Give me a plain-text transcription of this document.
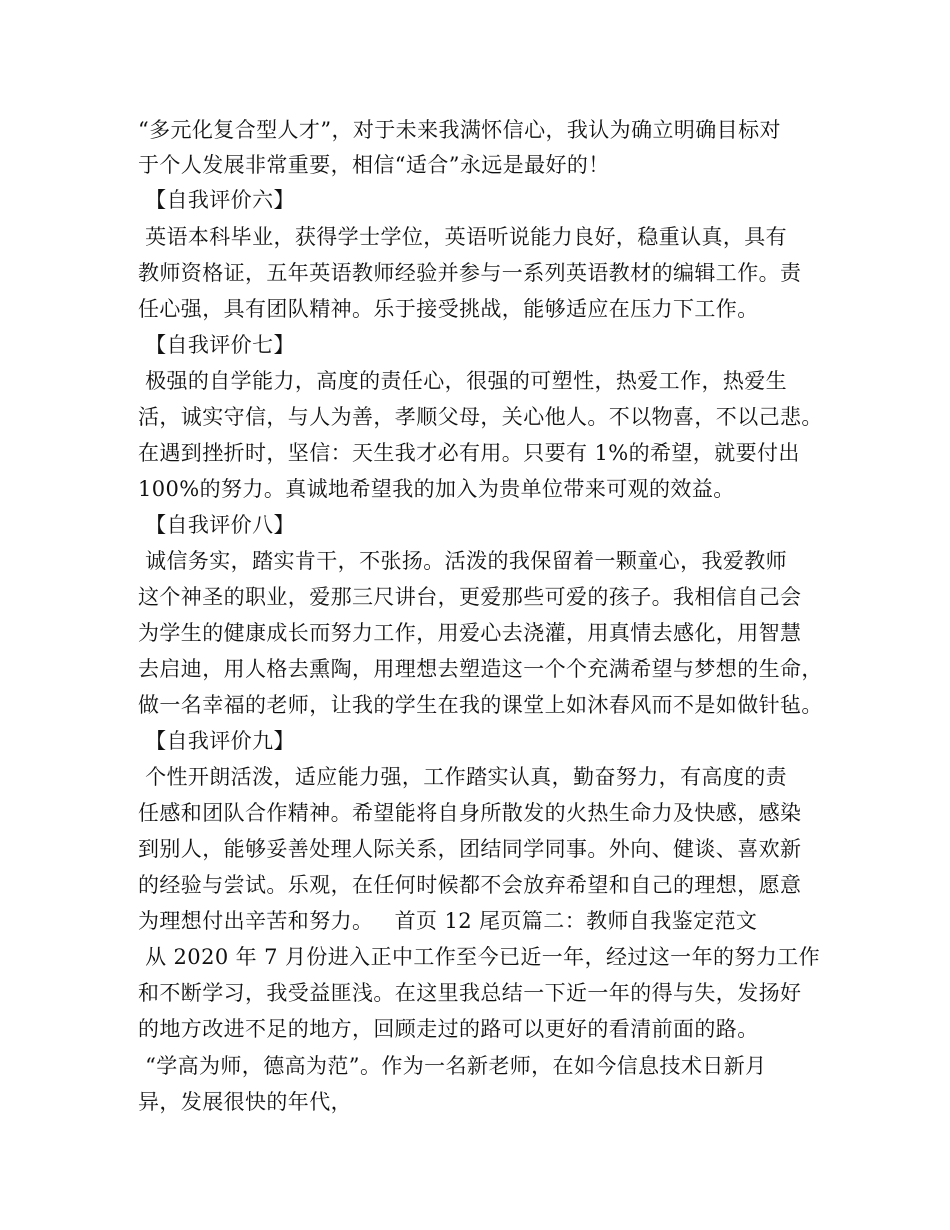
“多元化复合型人才”，对于未来我满怀信心，我认为确立明确目标对
于个人发展非常重要，相信“适合”永远是最好的！
【自我评价六】
英语本科毕业，获得学士学位，英语听说能力良好，稳重认真，具有
教师资格证，五年英语教师经验并参与一系列英语教材的编辑工作。责
任心强，具有团队精神。乐于接受挑战，能够适应在压力下工作。
【自我评价七】
极强的自学能力，高度的责任心，很强的可塑性，热爱工作，热爱生
活，诚实守信，与人为善，孝顺父母，关心他人。不以物喜，不以己悲。
在遇到挫折时，坚信：天生我才必有用。只要有 1%的希望，就要付出
100%的努力。真诚地希望我的加入为贵单位带来可观的效益。
【自我评价八】
诚信务实，踏实肯干，不张扬。活泼的我保留着一颗童心，我爱教师
这个神圣的职业，爱那三尺讲台，更爱那些可爱的孩子。我相信自己会
为学生的健康成长而努力工作，用爱心去浇灌，用真情去感化，用智慧
去启迪，用人格去熏陶，用理想去塑造这一个个充满希望与梦想的生命，
做一名幸福的老师，让我的学生在我的课堂上如沐春风而不是如做针毡。
【自我评价九】
个性开朗活泼，适应能力强，工作踏实认真，勤奋努力，有高度的责
任感和团队合作精神。希望能将自身所散发的火热生命力及快感，感染
到别人，能够妥善处理人际关系，团结同学同事。外向、健谈、喜欢新
的经验与尝试。乐观，在任何时候都不会放弃希望和自己的理想，愿意
为理想付出辛苦和努力。   首页 12 尾页篇二：教师自我鉴定范文
从 2020 年 7 月份进入正中工作至今已近一年，经过这一年的努力工作
和不断学习，我受益匪浅。在这里我总结一下近一年的得与失，发扬好
的地方改进不足的地方，回顾走过的路可以更好的看清前面的路。
“学高为师，德高为范”。作为一名新老师，在如今信息技术日新月
异，发展很快的年代，
